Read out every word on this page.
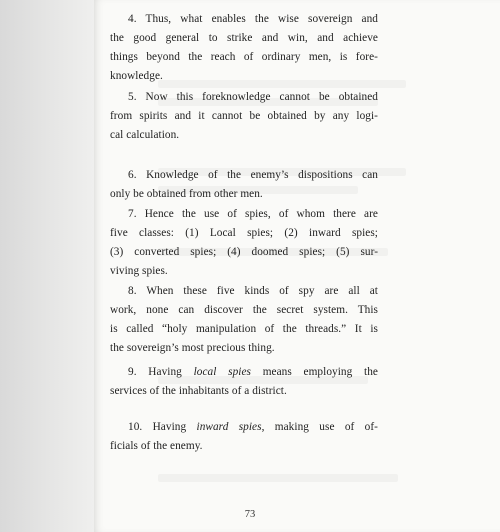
4. Thus, what enables the wise sovereign and
the good general to strike and win, and achieve
things beyond the reach of ordinary men, is fore-
knowledge.
5. Now this foreknowledge cannot be obtained
from spirits and it cannot be obtained by any logi-
cal calculation.
6. Knowledge of the enemy’s dispositions can
only be obtained from other men.
7. Hence the use of spies, of whom there are
five classes: (1) Local spies; (2) inward spies;
(3) converted spies; (4) doomed spies; (5) sur-
viving spies.
8. When these five kinds of spy are all at
work, none can discover the secret system. This
is called “holy manipulation of the threads.” It is
the sovereign’s most precious thing.
9. Having local spies means employing the
services of the inhabitants of a district.
10. Having inward spies, making use of of-
ficials of the enemy.
73
